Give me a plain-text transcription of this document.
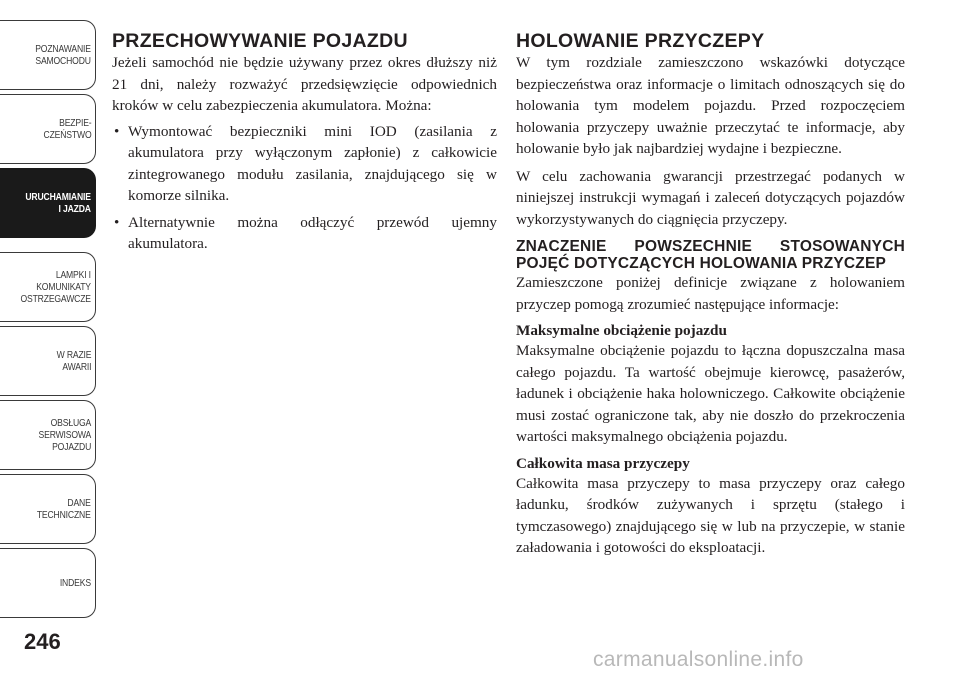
POZNAWANIE
SAMOCHODU
BEZPIE-
CZEŃSTWO
URUCHAMIANIE
I JAZDA
LAMPKI I
KOMUNIKATY
OSTRZEGAWCZE
W RAZIE
AWARII
OBSŁUGA
SERWISOWA
POJAZDU
DANE
TECHNICZNE
INDEKS
246
PRZECHOWYWANIE POJAZDU

Jeżeli samochód nie będzie używany przez okres dłuższy niż 21 dni, należy rozważyć przedsięwzięcie odpowiednich kroków w celu zabezpieczenia akumulatora. Można:

• Wymontować bezpieczniki mini IOD (zasilania z akumulatora przy wyłączonym zapłonie) z całkowicie zintegrowanego modułu zasilania, znajdującego się w komorze silnika.
• Alternatywnie można odłączyć przewód ujemny akumulatora.
HOLOWANIE PRZYCZEPY

W tym rozdziale zamieszczono wskazówki dotyczące bezpieczeństwa oraz informacje o limitach odnoszących się do holowania tym modelem pojazdu. Przed rozpoczęciem holowania przyczepy uważnie przeczytać te informacje, aby holowanie było jak najbardziej wydajne i bezpieczne.

W celu zachowania gwarancji przestrzegać podanych w niniejszej instrukcji wymagań i zaleceń dotyczących pojazdów wykorzystywanych do ciągnięcia przyczepy.

ZNACZENIE POWSZECHNIE STOSOWANYCH POJĘĆ DOTYCZĄCYCH HOLOWANIA PRZYCZEP

Zamieszczone poniżej definicje związane z holowaniem przyczep pomogą zrozumieć następujące informacje:

Maksymalne obciążenie pojazdu

Maksymalne obciążenie pojazdu to łączna dopuszczalna masa całego pojazdu. Ta wartość obejmuje kierowcę, pasażerów, ładunek i obciążenie haka holowniczego. Całkowite obciążenie musi zostać ograniczone tak, aby nie doszło do przekroczenia wartości maksymalnego obciążenia pojazdu.

Całkowita masa przyczepy

Całkowita masa przyczepy to masa przyczepy oraz całego ładunku, środków zużywanych i sprzętu (stałego i tymczasowego) znajdującego się w lub na przyczepie, w stanie załadowania i gotowości do eksploatacji.

carmanualsonline.info
